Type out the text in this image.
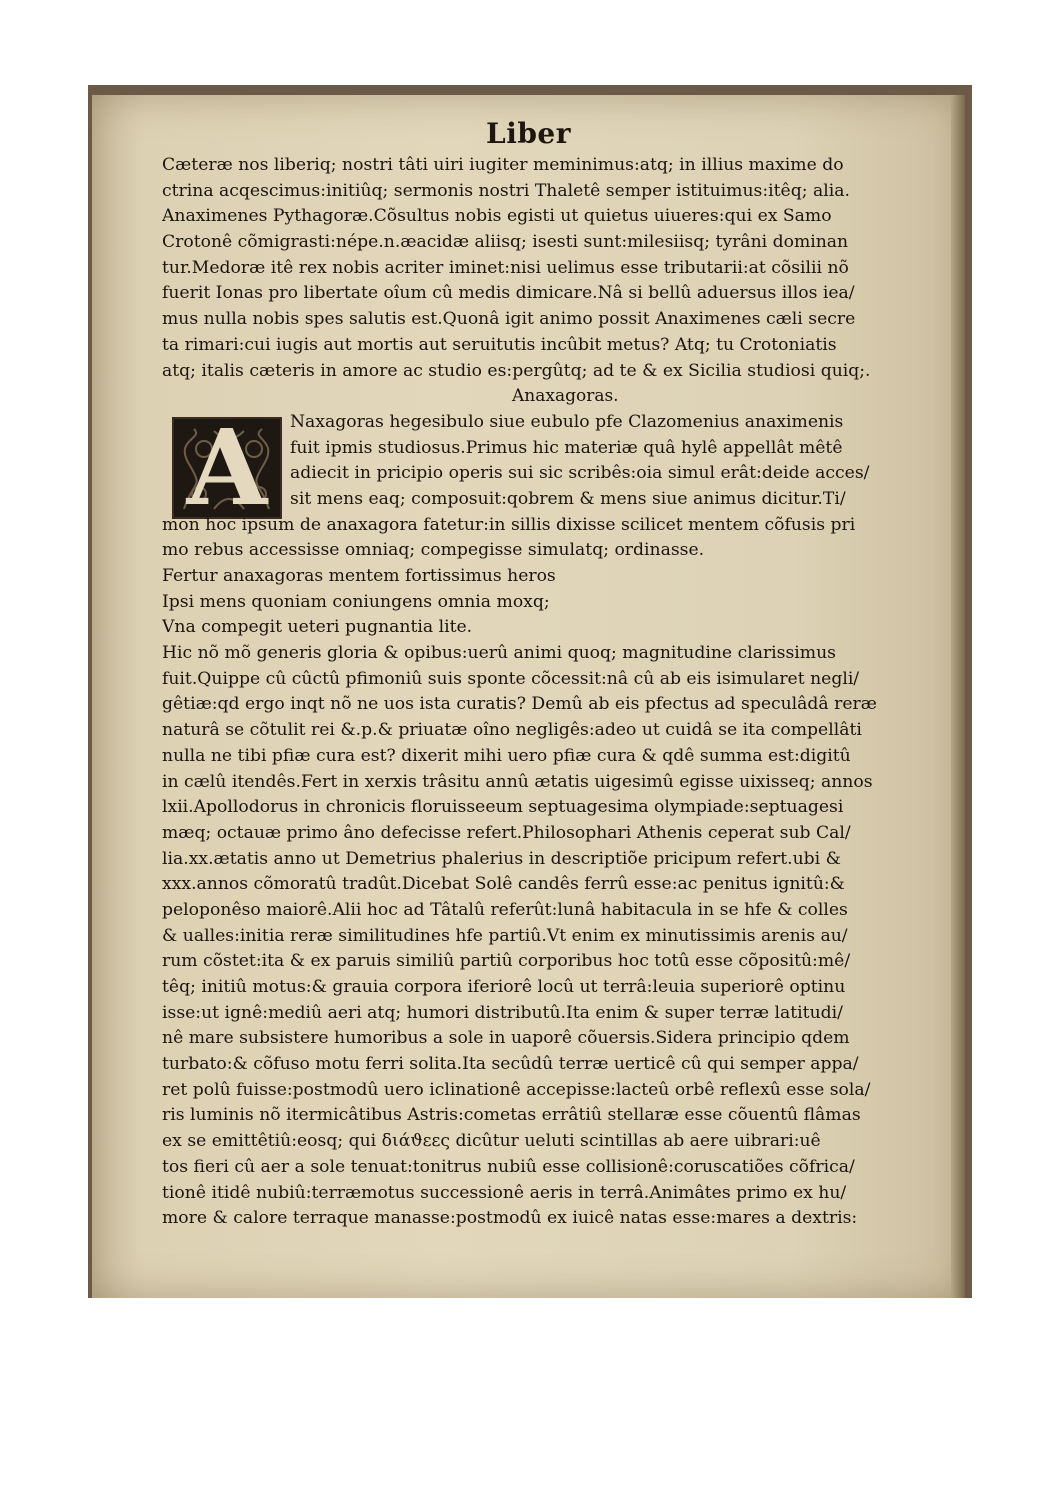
Liber
A
Cæteræ nos liberiq; nostri tâti uiri iugiter meminimus:atq; in illius maxime do
ctrina acqescimus:initiûq; sermonis nostri Thaletê semper istituimus:itêq; alia.
Anaximenes Pythagoræ.Cõsultus nobis egisti ut quietus uiueres:qui ex Samo
Crotonê cõmigrasti:népe.n.æacidæ aliisq; isesti sunt:milesiisq; tyrâni dominan
tur.Medoræ itê rex nobis acriter iminet:nisi uelimus esse tributarii:at cõsilii nõ
fuerit Ionas pro libertate oîum cû medis dimicare.Nâ si bellû aduersus illos iea/
mus nulla nobis spes salutis est.Quonâ igit animo possit Anaximenes cæli secre
ta rimari:cui iugis aut mortis aut seruitutis incûbit metus? Atq; tu Crotoniatis
atq; italis cæteris in amore ac studio es:pergûtq; ad te & ex Sicilia studiosi quiq;.
Anaxagoras.
Naxagoras hegesibulo siue eubulo pfe Clazomenius anaximenis
fuit ipmis studiosus.Primus hic materiæ quâ hylê appellât mêtê
adiecit in pricipio operis sui sic scribês:oia simul erât:deide acces/
sit mens eaq; composuit:qobrem & mens siue animus dicitur.Ti/
mon hoc ipsum de anaxagora fatetur:in sillis dixisse scilicet mentem cõfusis pri
mo rebus accessisse omniaq; compegisse simulatq; ordinasse.
Fertur anaxagoras mentem fortissimus heros
Ipsi mens quoniam coniungens omnia moxq;
Vna compegit ueteri pugnantia lite.
Hic nõ mõ generis gloria & opibus:uerû animi quoq; magnitudine clarissimus
fuit.Quippe cû cûctû pfimoniû suis sponte cõcessit:nâ cû ab eis isimularet negli/
gêtiæ:qd ergo inqt nõ ne uos ista curatis? Demû ab eis pfectus ad speculâdâ reræ
naturâ se cõtulit rei &.p.& priuatæ oîno negligês:adeo ut cuidâ se ita compellâti
nulla ne tibi pfiæ cura est? dixerit mihi uero pfiæ cura & qdê summa est:digitû
in cælû itendês.Fert in xerxis trâsitu annû ætatis uigesimû egisse uixisseq; annos
lxii.Apollodorus in chronicis floruisseeum septuagesima olympiade:septuagesi
mæq; octauæ primo âno defecisse refert.Philosophari Athenis ceperat sub Cal/
lia.xx.ætatis anno ut Demetrius phalerius in descriptiõe pricipum refert.ubi &
xxx.annos cõmoratû tradût.Dicebat Solê candês ferrû esse:ac penitus ignitû:&
peloponêso maiorê.Alii hoc ad Tâtalû referût:lunâ habitacula in se hfe & colles
& ualles:initia reræ similitudines hfe partiû.Vt enim ex minutissimis arenis au/
rum cõstet:ita & ex paruis similiû partiû corporibus hoc totû esse cõpositû:mê/
têq; initiû motus:& grauia corpora iferiorê locû ut terrâ:leuia superiorê optinu
isse:ut ignê:mediû aeri atq; humori distributû.Ita enim & super terræ latitudi/
nê mare subsistere humoribus a sole in uaporê cõuersis.Sidera principio qdem
turbato:& cõfuso motu ferri solita.Ita secûdû terræ uerticê cû qui semper appa/
ret polû fuisse:postmodû uero iclinationê accepisse:lacteû orbê reflexû esse sola/
ris luminis nõ itermicâtibus Astris:cometas errâtiû stellaræ esse cõuentû flâmas
ex se emittêtiû:eosq; qui διάϑεες dicûtur ueluti scintillas ab aere uibrari:uê
tos fieri cû aer a sole tenuat:tonitrus nubiû esse collisionê:coruscatiões cõfrica/
tionê itidê nubiû:terræmotus successionê aeris in terrâ.Animâtes primo ex hu/
more & calore terraque manasse:postmodû ex iuicê natas esse:mares a dextris:
